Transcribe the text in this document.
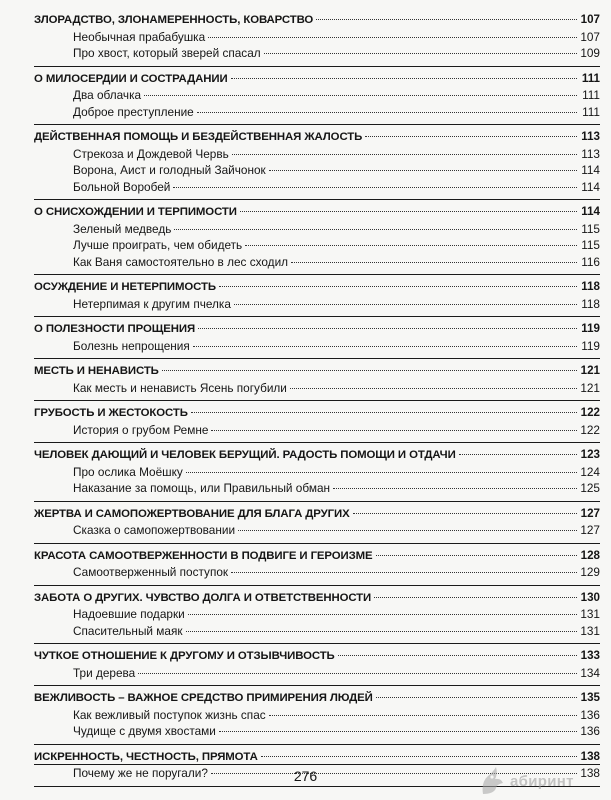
ЗЛОРАДСТВО, ЗЛОНАМЕРЕННОСТЬ, КОВАРСТВО	107
Необычная прабабушка	107
Про хвост, который зверей спасал	109
О МИЛОСЕРДИИ И СОСТРАДАНИИ	111
Два облачка	111
Доброе преступление	111
ДЕЙСТВЕННАЯ ПОМОЩЬ И БЕЗДЕЙСТВЕННАЯ ЖАЛОСТЬ	113
Стрекоза и Дождевой Червь	113
Ворона, Аист и голодный Зайчонок	114
Больной Воробей	114
О СНИСХОЖДЕНИИ И ТЕРПИМОСТИ	114
Зеленый медведь	115
Лучше проиграть, чем обидеть	115
Как Ваня самостоятельно в лес сходил	116
ОСУЖДЕНИЕ И НЕТЕРПИМОСТЬ	118
Нетерпимая к другим пчелка	118
О ПОЛЕЗНОСТИ ПРОЩЕНИЯ	119
Болезнь непрощения	119
МЕСТЬ И НЕНАВИСТЬ	121
Как месть и ненависть Ясень погубили	121
ГРУБОСТЬ И ЖЕСТОКОСТЬ	122
История о грубом Ремне	122
ЧЕЛОВЕК ДАЮЩИЙ И ЧЕЛОВЕК БЕРУЩИЙ. РАДОСТЬ ПОМОЩИ И ОТДАЧИ	123
Про ослика Моёшку	124
Наказание за помощь, или Правильный обман	125
ЖЕРТВА И САМОПОЖЕРТВОВАНИЕ ДЛЯ БЛАГА ДРУГИХ	127
Сказка о самопожертвовании	127
КРАСОТА САМООТВЕРЖЕННОСТИ В ПОДВИГЕ И ГЕРОИЗМЕ	128
Самоотверженный поступок	129
ЗАБОТА О ДРУГИХ. ЧУВСТВО ДОЛГА И ОТВЕТСТВЕННОСТИ	130
Надоевшие подарки	131
Спасительный маяк	131
ЧУТКОЕ ОТНОШЕНИЕ К ДРУГОМУ И ОТЗЫВЧИВОСТЬ	133
Три дерева	134
ВЕЖЛИВОСТЬ – ВАЖНОЕ СРЕДСТВО ПРИМИРЕНИЯ ЛЮДЕЙ	135
Как вежливый поступок жизнь спас	136
Чудище с двумя хвостами	136
ИСКРЕННОСТЬ, ЧЕСТНОСТЬ, ПРЯМОТА	138
Почему же не поругали?	138
276	абиринт
